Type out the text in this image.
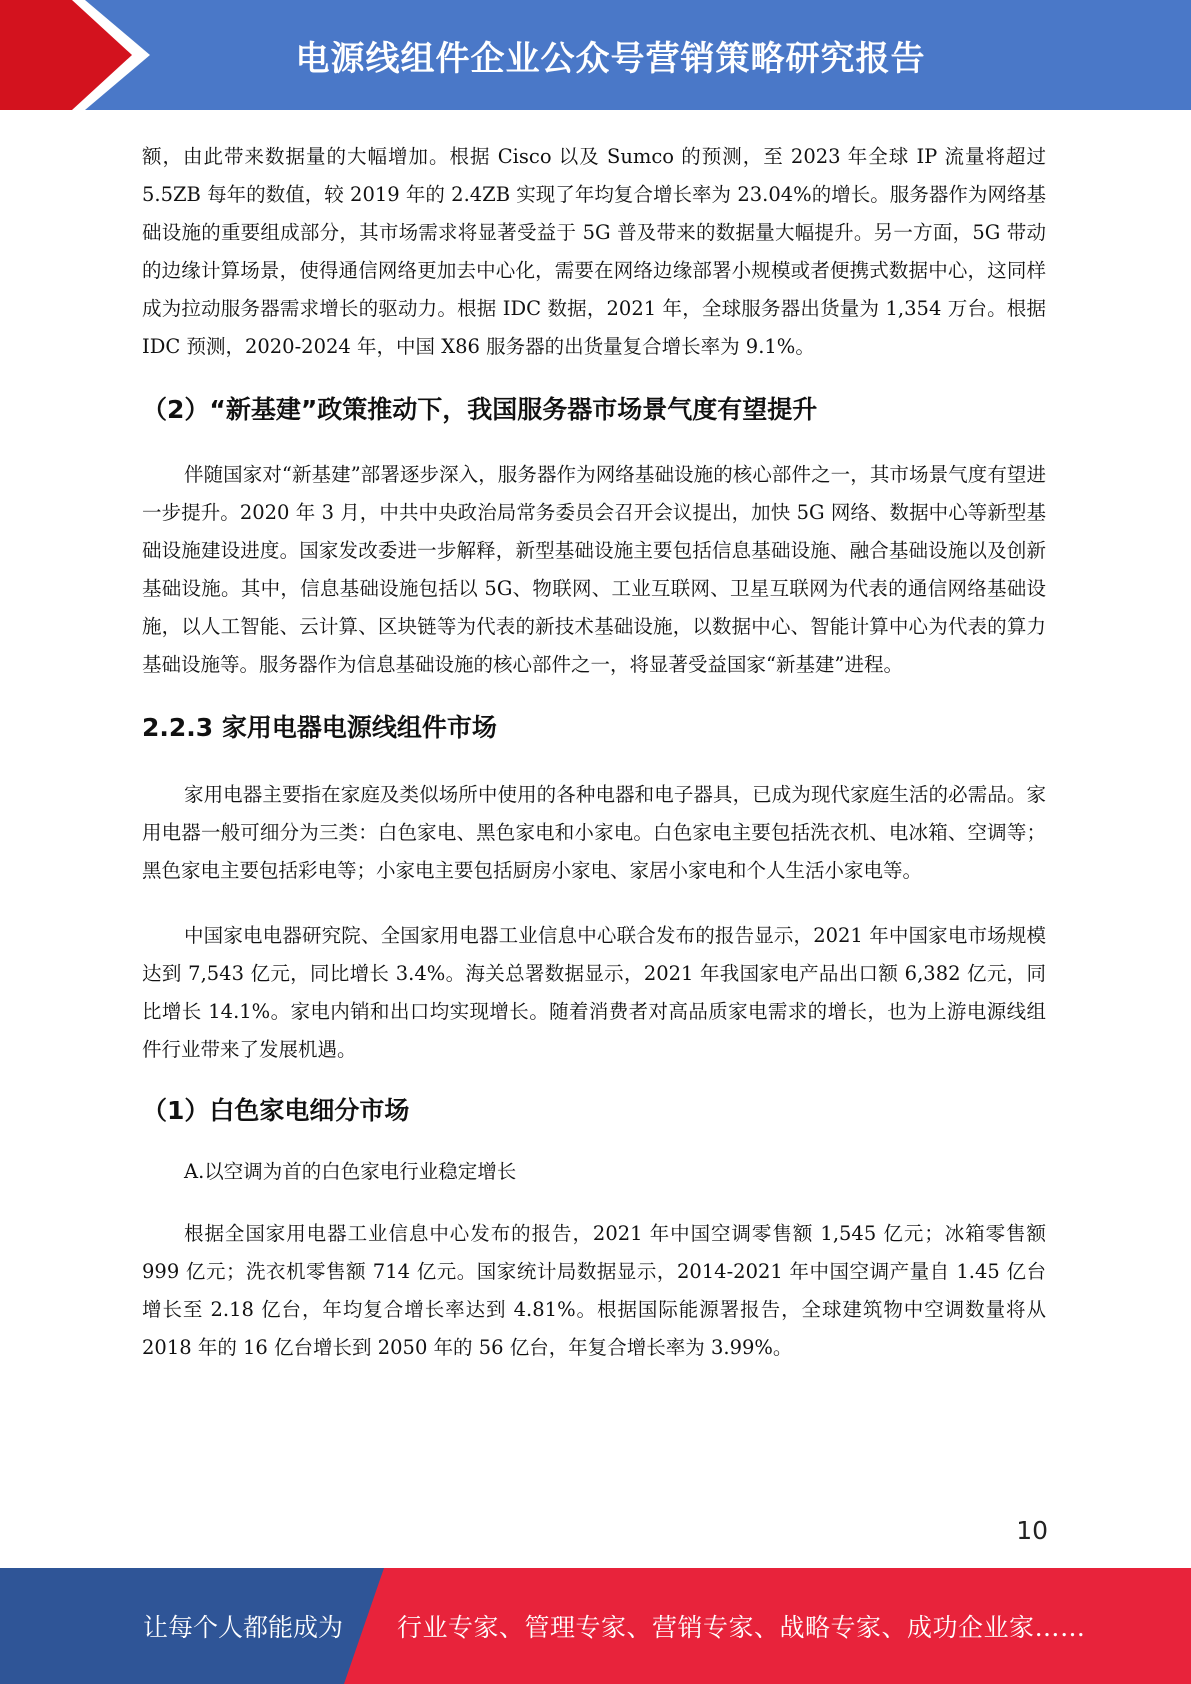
电源线组件企业公众号营销策略研究报告

额，由此带来数据量的大幅增加。根据 Cisco 以及 Sumco 的预测，至 2023 年全球 IP 流量将超过 5.5ZB 每年的数值，较 2019 年的 2.4ZB 实现了年均复合增长率为 23.04%的增长。服务器作为网络基础设施的重要组成部分，其市场需求将显著受益于 5G 普及带来的数据量大幅提升。另一方面，5G 带动的边缘计算场景，使得通信网络更加去中心化，需要在网络边缘部署小规模或者便携式数据中心，这同样成为拉动服务器需求增长的驱动力。根据 IDC 数据，2021 年，全球服务器出货量为 1,354 万台。根据 IDC 预测，2020-2024 年，中国 X86 服务器的出货量复合增长率为 9.1%。

（2）“新基建”政策推动下，我国服务器市场景气度有望提升

伴随国家对“新基建”部署逐步深入，服务器作为网络基础设施的核心部件之一，其市场景气度有望进一步提升。2020 年 3 月，中共中央政治局常务委员会召开会议提出，加快 5G 网络、数据中心等新型基础设施建设进度。国家发改委进一步解释，新型基础设施主要包括信息基础设施、融合基础设施以及创新基础设施。其中，信息基础设施包括以 5G、物联网、工业互联网、卫星互联网为代表的通信网络基础设施，以人工智能、云计算、区块链等为代表的新技术基础设施，以数据中心、智能计算中心为代表的算力基础设施等。服务器作为信息基础设施的核心部件之一，将显著受益国家“新基建”进程。

2.2.3 家用电器电源线组件市场

家用电器主要指在家庭及类似场所中使用的各种电器和电子器具，已成为现代家庭生活的必需品。家用电器一般可细分为三类：白色家电、黑色家电和小家电。白色家电主要包括洗衣机、电冰箱、空调等；黑色家电主要包括彩电等；小家电主要包括厨房小家电、家居小家电和个人生活小家电等。

中国家电电器研究院、全国家用电器工业信息中心联合发布的报告显示，2021 年中国家电市场规模达到 7,543 亿元，同比增长 3.4%。海关总署数据显示，2021 年我国家电产品出口额 6,382 亿元，同比增长 14.1%。家电内销和出口均实现增长。随着消费者对高品质家电需求的增长，也为上游电源线组件行业带来了发展机遇。

（1）白色家电细分市场

A.以空调为首的白色家电行业稳定增长

根据全国家用电器工业信息中心发布的报告，2021 年中国空调零售额 1,545 亿元；冰箱零售额 999 亿元；洗衣机零售额 714 亿元。国家统计局数据显示，2014-2021 年中国空调产量自 1.45 亿台增长至 2.18 亿台，年均复合增长率达到 4.81%。根据国际能源署报告，全球建筑物中空调数量将从 2018 年的 16 亿台增长到 2050 年的 56 亿台，年复合增长率为 3.99%。

10
让每个人都能成为 行业专家、管理专家、营销专家、战略专家、成功企业家……
